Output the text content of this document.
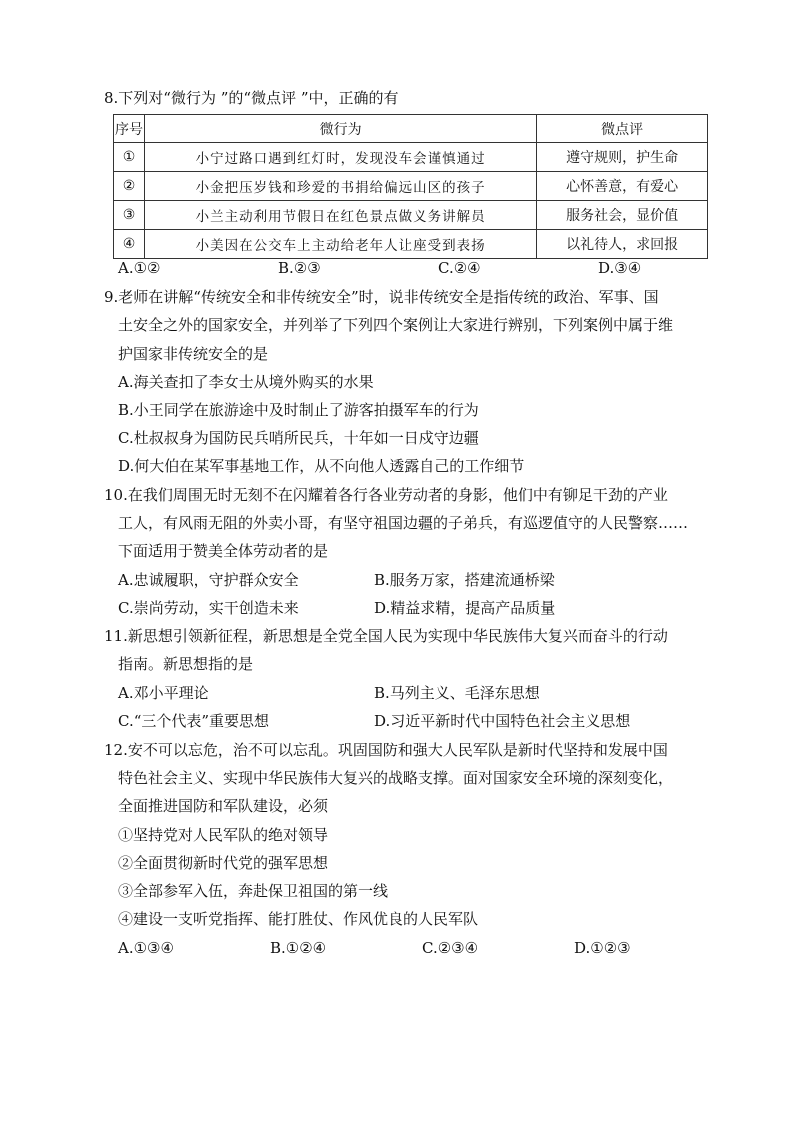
8.下列对“微行为 ”的“微点评 ”中，正确的有
序号	微行为	微点评
①	小宁过路口遇到红灯时，发现没车会谨慎通过	遵守规则，护生命
②	小金把压岁钱和珍爱的书捐给偏远山区的孩子	心怀善意，有爱心
③	小兰主动利用节假日在红色景点做义务讲解员	服务社会，显价值
④	小美因在公交车上主动给老年人让座受到表扬	以礼待人，求回报
A.①②	B.②③	C.②④	D.③④
9.老师在讲解“传统安全和非传统安全”时，说非传统安全是指传统的政治、军事、国
土安全之外的国家安全，并列举了下列四个案例让大家进行辨别，下列案例中属于维
护国家非传统安全的是
A.海关查扣了李女士从境外购买的水果
B.小王同学在旅游途中及时制止了游客拍摄军车的行为
C.杜叔叔身为国防民兵哨所民兵，十年如一日戍守边疆
D.何大伯在某军事基地工作，从不向他人透露自己的工作细节
10.在我们周围无时无刻不在闪耀着各行各业劳动者的身影，他们中有铆足干劲的产业
工人，有风雨无阻的外卖小哥，有坚守祖国边疆的子弟兵，有巡逻值守的人民警察……
下面适用于赞美全体劳动者的是
A.忠诚履职，守护群众安全	B.服务万家，搭建流通桥梁
C.崇尚劳动，实干创造未来	D.精益求精，提高产品质量
11.新思想引领新征程，新思想是全党全国人民为实现中华民族伟大复兴而奋斗的行动
指南。新思想指的是
A.邓小平理论	B.马列主义、毛泽东思想
C.“三个代表”重要思想	D.习近平新时代中国特色社会主义思想
12.安不可以忘危，治不可以忘乱。巩固国防和强大人民军队是新时代坚持和发展中国
特色社会主义、实现中华民族伟大复兴的战略支撑。面对国家安全环境的深刻变化，
全面推进国防和军队建设，必须
①坚持党对人民军队的绝对领导
②全面贯彻新时代党的强军思想
③全部参军入伍，奔赴保卫祖国的第一线
④建设一支听党指挥、能打胜仗、作风优良的人民军队
A.①③④	B.①②④	C.②③④	D.①②③
